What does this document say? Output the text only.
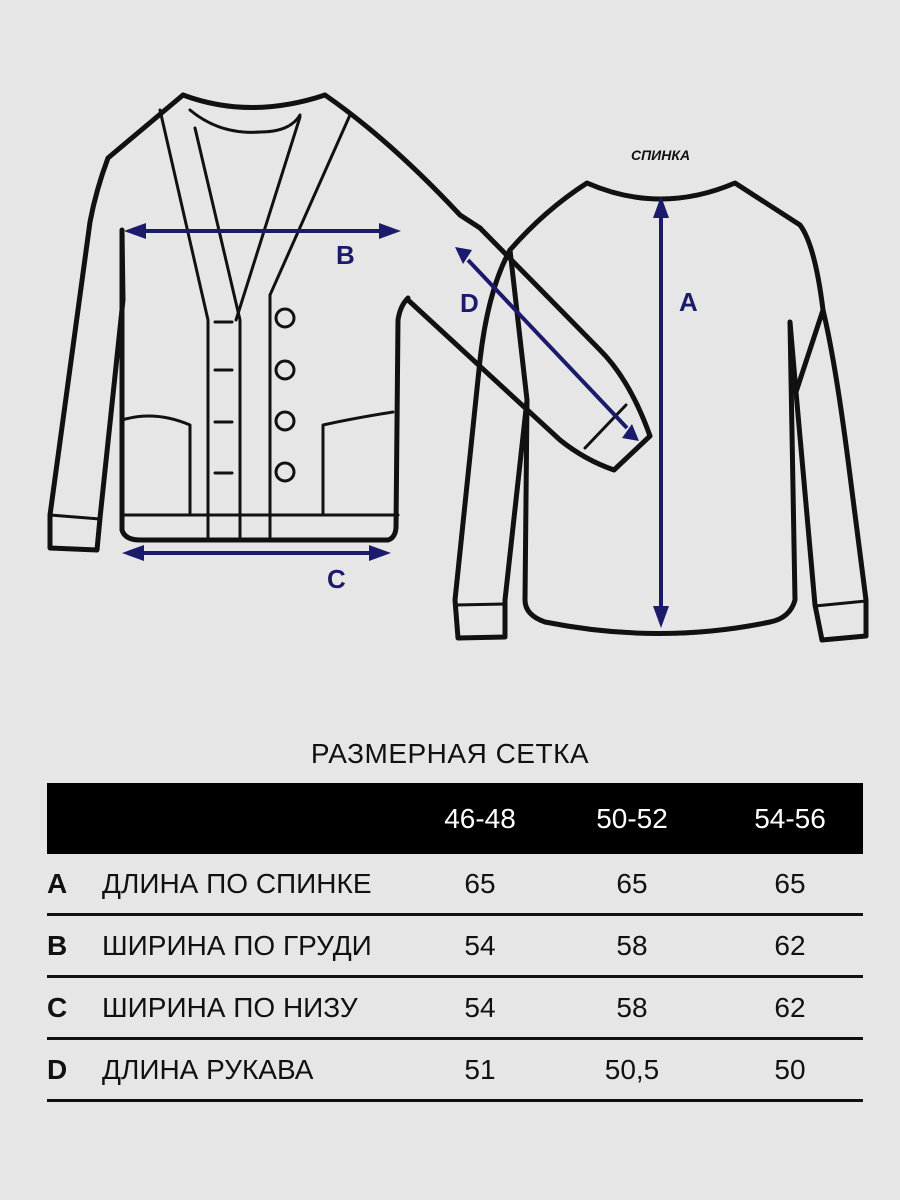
СПИНКА
B
C
D	A
РАЗМЕРНАЯ СЕТКА
46-48	50-52	54-56
A ДЛИНА ПО СПИНКЕ	65	65	65
B ШИРИНА ПО ГРУДИ	54	58	62
C ШИРИНА ПО НИЗУ	54	58	62
D ДЛИНА РУКАВА	51	50,5	50
